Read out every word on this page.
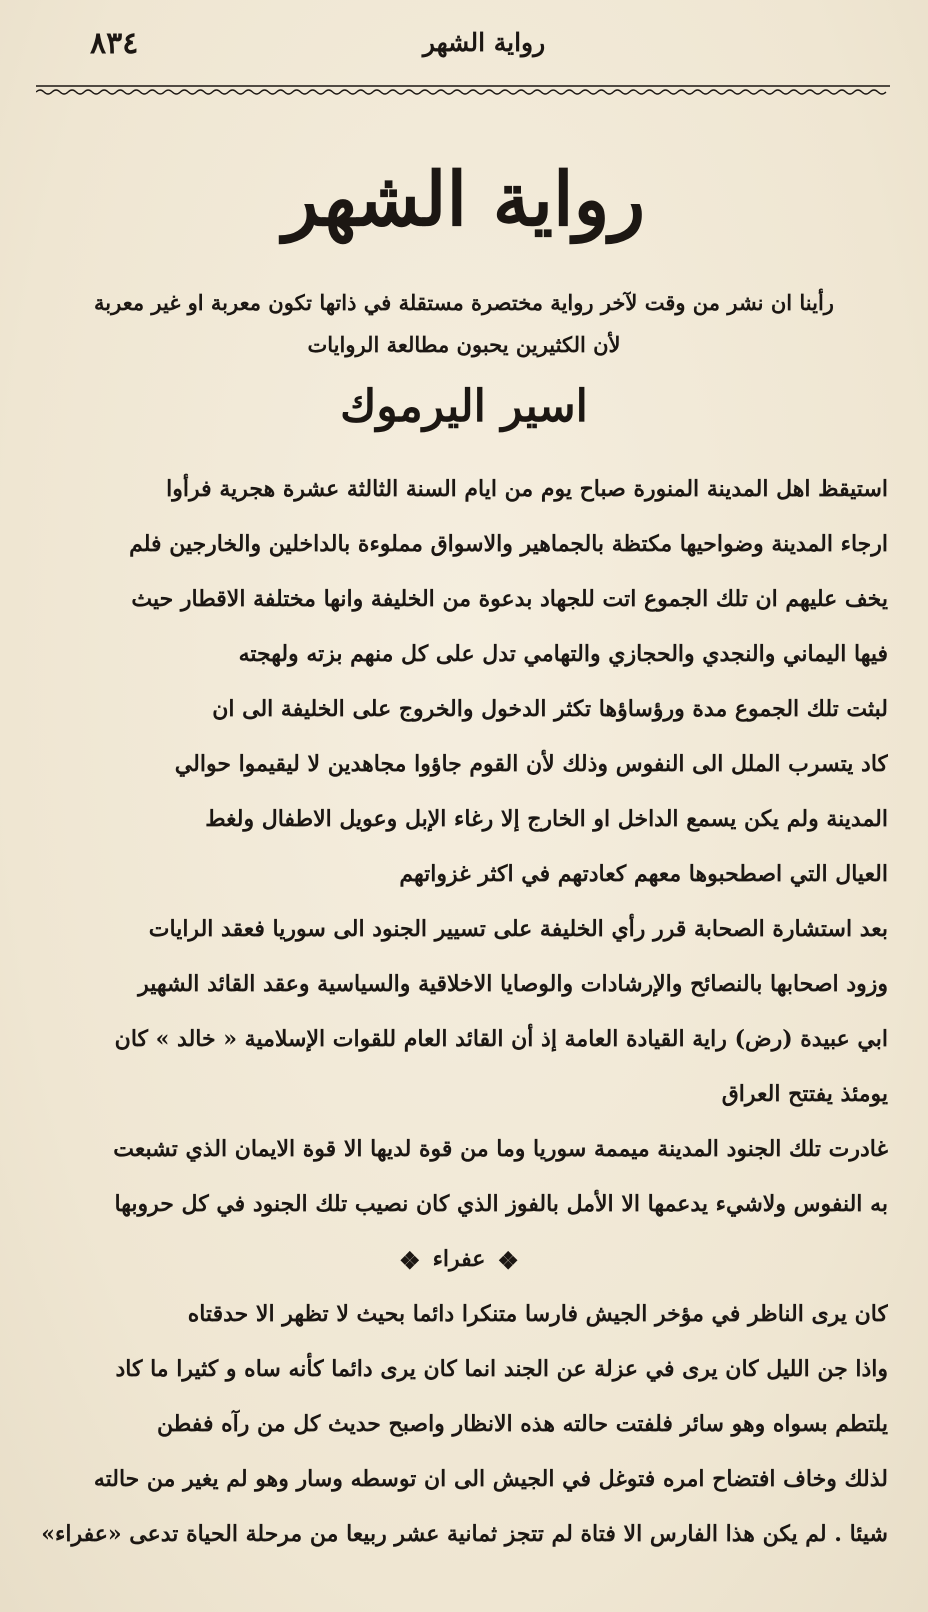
٨٣٤	رواية الشهر
رواية الشهر
رأينا ان نشر من وقت لآخر رواية مختصرة مستقلة في ذاتها تكون معربة او غير معربة
لأن الكثيرين يحبون مطالعة الروايات
اسير اليرموك
استيقظ اهل المدينة المنورة صباح يوم من ايام السنة الثالثة عشرة هجرية فرأوا
ارجاء المدينة وضواحيها مكتظة بالجماهير والاسواق مملوءة بالداخلين والخارجين فلم
يخف عليهم ان تلك الجموع اتت للجهاد بدعوة من الخليفة وانها مختلفة الاقطار حيث
فيها اليماني والنجدي والحجازي والتهامي تدل على كل منهم بزته ولهجته
لبثت تلك الجموع مدة ورؤساؤها تكثر الدخول والخروج على الخليفة الى ان
كاد يتسرب الملل الى النفوس وذلك لأن القوم جاؤوا مجاهدين لا ليقيموا حوالي
المدينة ولم يكن يسمع الداخل او الخارج إلا رغاء الإبل وعويل الاطفال ولغط
العيال التي اصطحبوها معهم كعادتهم في اكثر غزواتهم
بعد استشارة الصحابة قرر رأي الخليفة على تسيير الجنود الى سوريا فعقد الرايات
وزود اصحابها بالنصائح والإرشادات والوصايا الاخلاقية والسياسية وعقد القائد الشهير
ابي عبيدة (رض) راية القيادة العامة إذ أن القائد العام للقوات الإسلامية « خالد » كان
يومئذ يفتتح العراق
غادرت تلك الجنود المدينة ميممة سوريا وما من قوة لديها الا قوة الايمان الذي تشبعت
به النفوس ولاشيء يدعمها الا الأمل بالفوز الذي كان نصيب تلك الجنود في كل حروبها
❖عفراء❖
كان يرى الناظر في مؤخر الجيش فارسا متنكرا دائما بحيث لا تظهر الا حدقتاه
واذا جن الليل كان يرى في عزلة عن الجند انما كان يرى دائما كأنه ساه و كثيرا ما كاد
يلتطم بسواه وهو سائر فلفتت حالته هذه الانظار واصبح حديث كل من رآه ففطن
لذلك وخاف افتضاح امره فتوغل في الجيش الى ان توسطه وسار وهو لم يغير من حالته
شيئا . لم يكن هذا الفارس الا فتاة لم تتجز ثمانية عشر ربيعا من مرحلة الحياة تدعى «عفراء»
